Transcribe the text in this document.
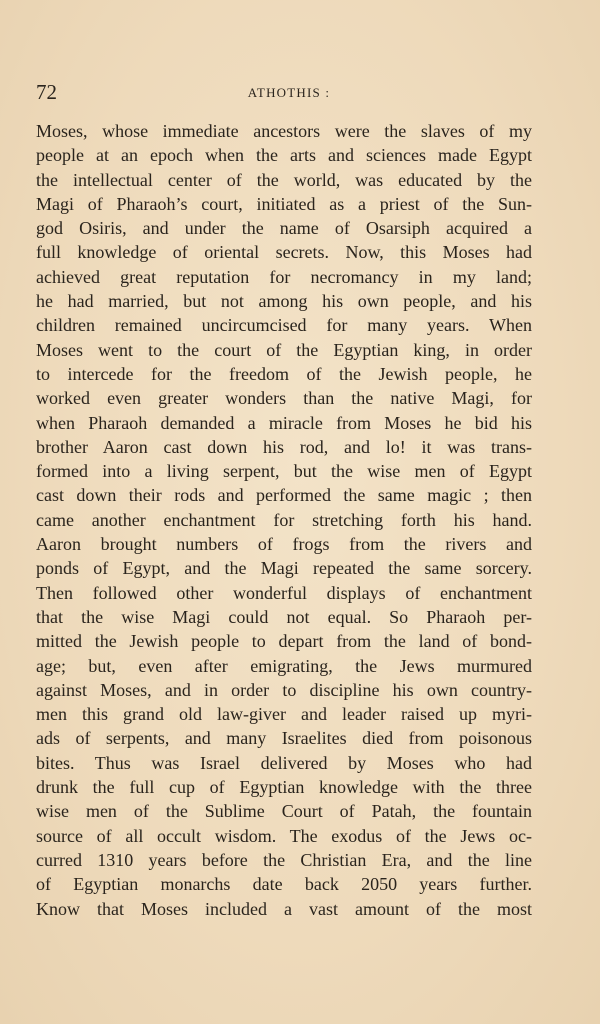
72	ATHOTHIS :
Moses, whose immediate ancestors were the slaves of my
people at an epoch when the arts and sciences made Egypt
the intellectual center of the world, was educated by the
Magi of Pharaoh’s court, initiated as a priest of the Sun-
god Osiris, and under the name of Osarsiph acquired a
full knowledge of oriental secrets. Now, this Moses had
achieved great reputation for necromancy in my land;
he had married, but not among his own people, and his
children remained uncircumcised for many years. When
Moses went to the court of the Egyptian king, in order
to intercede for the freedom of the Jewish people, he
worked even greater wonders than the native Magi, for
when Pharaoh demanded a miracle from Moses he bid his
brother Aaron cast down his rod, and lo! it was trans-
formed into a living serpent, but the wise men of Egypt
cast down their rods and performed the same magic ; then
came another enchantment for stretching forth his hand.
Aaron brought numbers of frogs from the rivers and
ponds of Egypt, and the Magi repeated the same sorcery.
Then followed other wonderful displays of enchantment
that the wise Magi could not equal. So Pharaoh per-
mitted the Jewish people to depart from the land of bond-
age; but, even after emigrating, the Jews murmured
against Moses, and in order to discipline his own country-
men this grand old law-giver and leader raised up myri-
ads of serpents, and many Israelites died from poisonous
bites. Thus was Israel delivered by Moses who had
drunk the full cup of Egyptian knowledge with the three
wise men of the Sublime Court of Patah, the fountain
source of all occult wisdom. The exodus of the Jews oc-
curred 1310 years before the Christian Era, and the line
of Egyptian monarchs date back 2050 years further.
Know that Moses included a vast amount of the most
